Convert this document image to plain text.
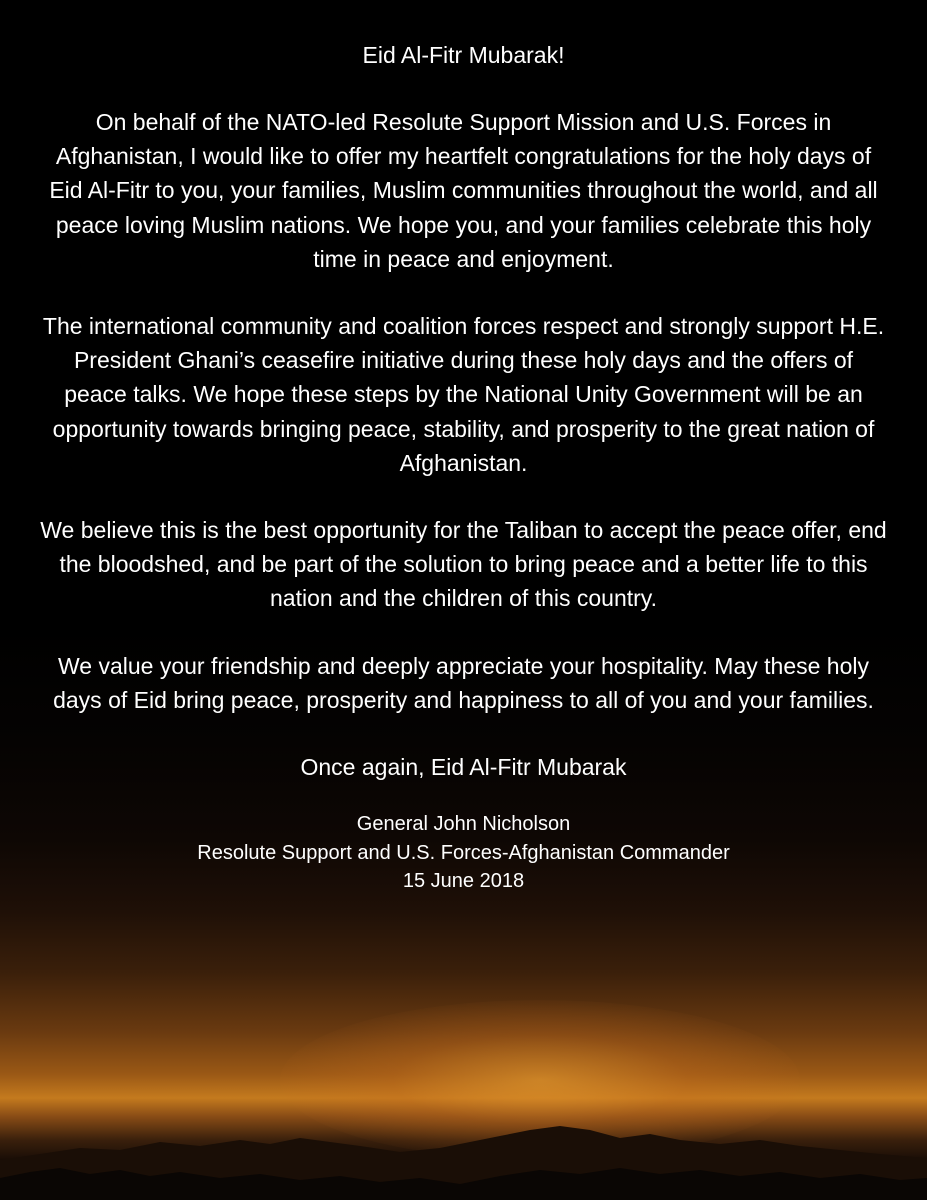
Eid Al-Fitr Mubarak!

On behalf of the NATO-led Resolute Support Mission and U.S. Forces in Afghanistan, I would like to offer my heartfelt congratulations for the holy days of Eid Al-Fitr to you, your families, Muslim communities throughout the world, and all peace loving Muslim nations. We hope you, and your families celebrate this holy time in peace and enjoyment.

The international community and coalition forces respect and strongly support H.E. President Ghani’s ceasefire initiative during these holy days and the offers of peace talks. We hope these steps by the National Unity Government will be an opportunity towards bringing peace, stability, and prosperity to the great nation of Afghanistan.

We believe this is the best opportunity for the Taliban to accept the peace offer, end the bloodshed, and be part of the solution to bring peace and a better life to this nation and the children of this country.

We value your friendship and deeply appreciate your hospitality. May these holy days of Eid bring peace, prosperity and happiness to all of you and your families.

Once again, Eid Al-Fitr Mubarak

General John Nicholson
Resolute Support and U.S. Forces-Afghanistan Commander
15 June 2018
